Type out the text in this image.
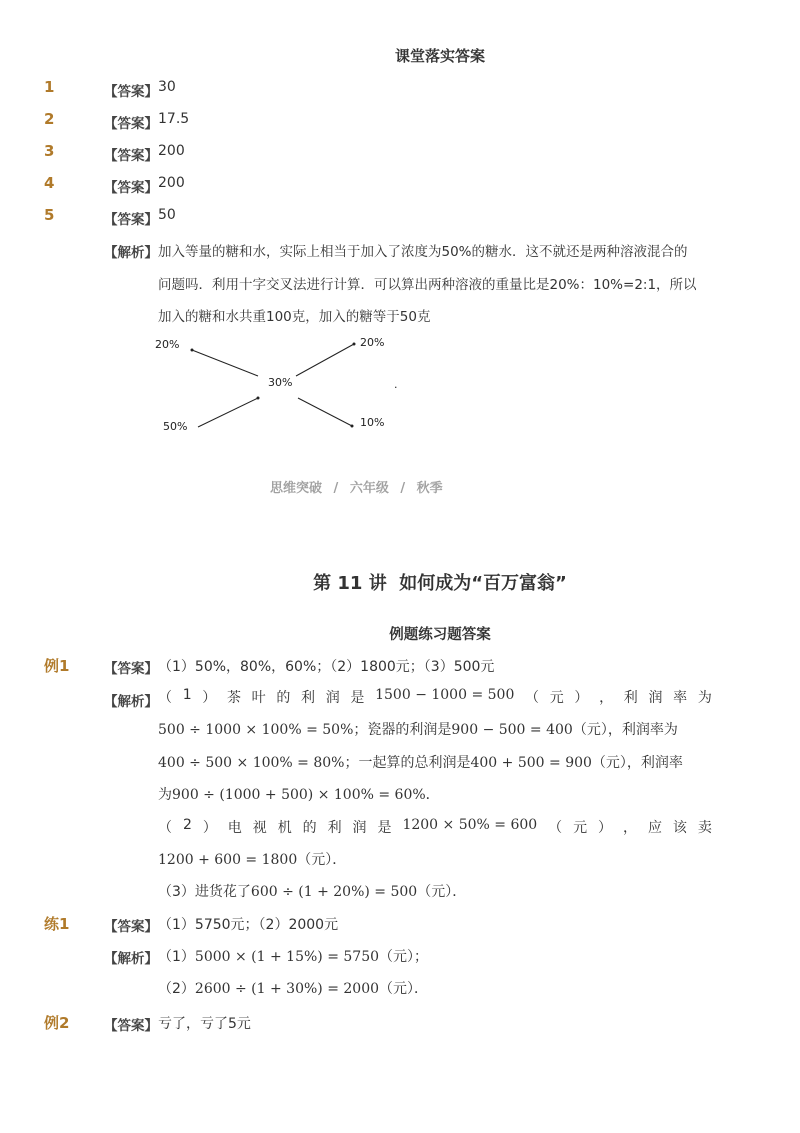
课堂落实答案
1	【答案】 30
2	【答案】 17.5
3	【答案】 200
4	【答案】 200
5	【答案】 50
【解析】 加入等量的糖和水，实际上相当于加入了浓度为50%的糖水．这不就还是两种溶液混合的
问题吗．利用十字交叉法进行计算．可以算出两种溶液的重量比是20%：10%=2:1，所以
加入的糖和水共重100克，加入的糖等于50克
20%	20%
30%
50%	10%
.
思维突破 / 六年级 / 秋季
第 11 讲  如何成为“百万富翁”
例题练习题答案
例1	【答案】 （1）50%，80%，60%；（2）1800元；（3）500元
【解析】 （ 1 ） 茶 叶 的 利 润 是 1500 − 1000 = 500 （ 元 ） ， 利 润 率 为
500 ÷ 1000 × 100% = 50%；瓷器的利润是900 − 500 = 400（元），利润率为
400 ÷ 500 × 100% = 80%；一起算的总利润是400 + 500 = 900（元），利润率
为900 ÷ (1000 + 500) × 100% = 60%．
（ 2 ） 电 视 机 的 利 润 是 1200 × 50% = 600 （ 元 ） ， 应 该 卖
1200 + 600 = 1800（元）．
（3）进货花了600 ÷ (1 + 20%) = 500（元）．
练1	【答案】 （1）5750元；（2）2000元
【解析】 （1）5000 × (1 + 15%) = 5750（元）；
（2）2600 ÷ (1 + 30%) = 2000（元）．
例2	【答案】 亏了，亏了5元
